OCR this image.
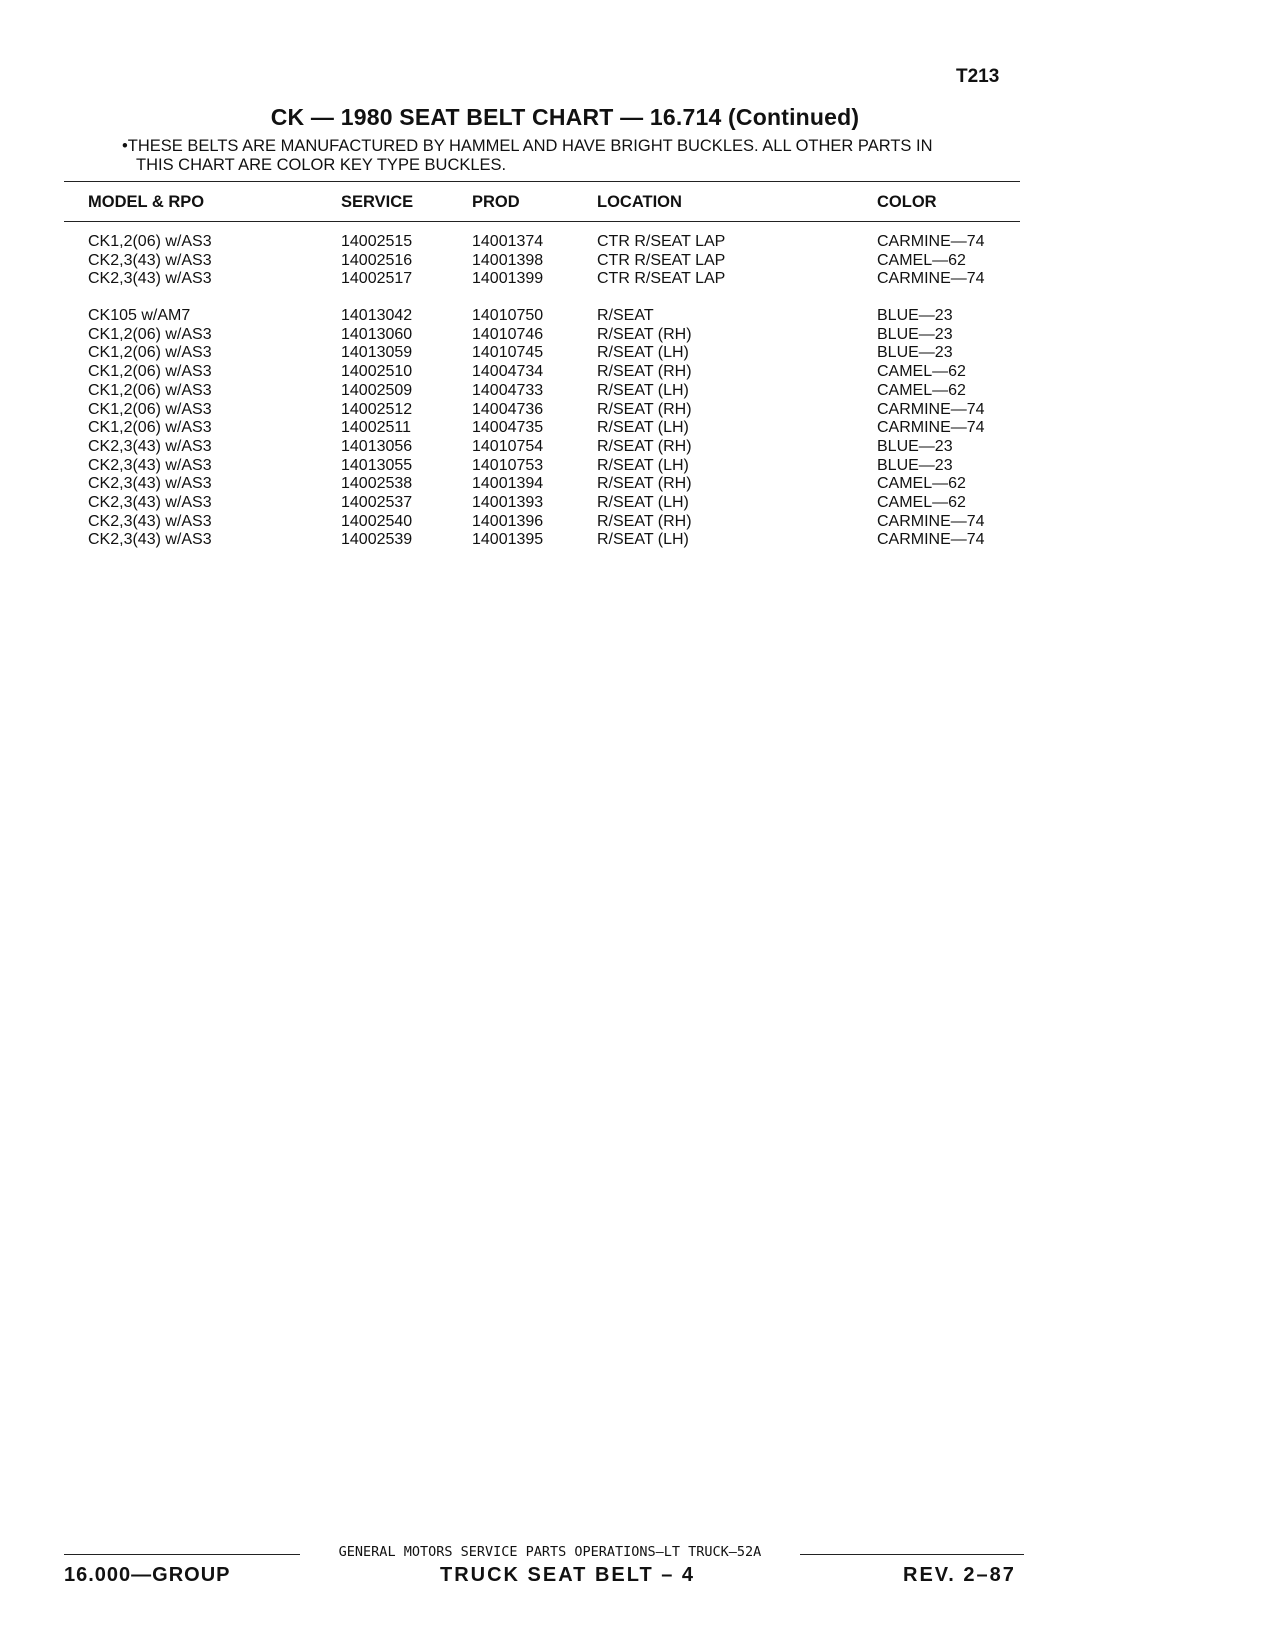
T213
CK — 1980 SEAT BELT CHART — 16.714 (Continued)
•THESE BELTS ARE MANUFACTURED BY HAMMEL AND HAVE BRIGHT BUCKLES. ALL OTHER PARTS IN
THIS CHART ARE COLOR KEY TYPE BUCKLES.
MODEL & RPO	SERVICE	PROD	LOCATION	COLOR
CK1,2(06) w/AS3	14002515	14001374	CTR R/SEAT LAP	CARMINE—74
CK2,3(43) w/AS3	14002516	14001398	CTR R/SEAT LAP	CAMEL—62
CK2,3(43) w/AS3	14002517	14001399	CTR R/SEAT LAP	CARMINE—74
CK105 w/AM7	14013042	14010750	R/SEAT	BLUE—23
CK1,2(06) w/AS3	14013060	14010746	R/SEAT (RH)	BLUE—23
CK1,2(06) w/AS3	14013059	14010745	R/SEAT (LH)	BLUE—23
CK1,2(06) w/AS3	14002510	14004734	R/SEAT (RH)	CAMEL—62
CK1,2(06) w/AS3	14002509	14004733	R/SEAT (LH)	CAMEL—62
CK1,2(06) w/AS3	14002512	14004736	R/SEAT (RH)	CARMINE—74
CK1,2(06) w/AS3	14002511	14004735	R/SEAT (LH)	CARMINE—74
CK2,3(43) w/AS3	14013056	14010754	R/SEAT (RH)	BLUE—23
CK2,3(43) w/AS3	14013055	14010753	R/SEAT (LH)	BLUE—23
CK2,3(43) w/AS3	14002538	14001394	R/SEAT (RH)	CAMEL—62
CK2,3(43) w/AS3	14002537	14001393	R/SEAT (LH)	CAMEL—62
CK2,3(43) w/AS3	14002540	14001396	R/SEAT (RH)	CARMINE—74
CK2,3(43) w/AS3	14002539	14001395	R/SEAT (LH)	CARMINE—74
GENERAL MOTORS SERVICE PARTS OPERATIONS—LT TRUCK—52A
16.000—GROUP	TRUCK SEAT BELT – 4	REV. 2–87
